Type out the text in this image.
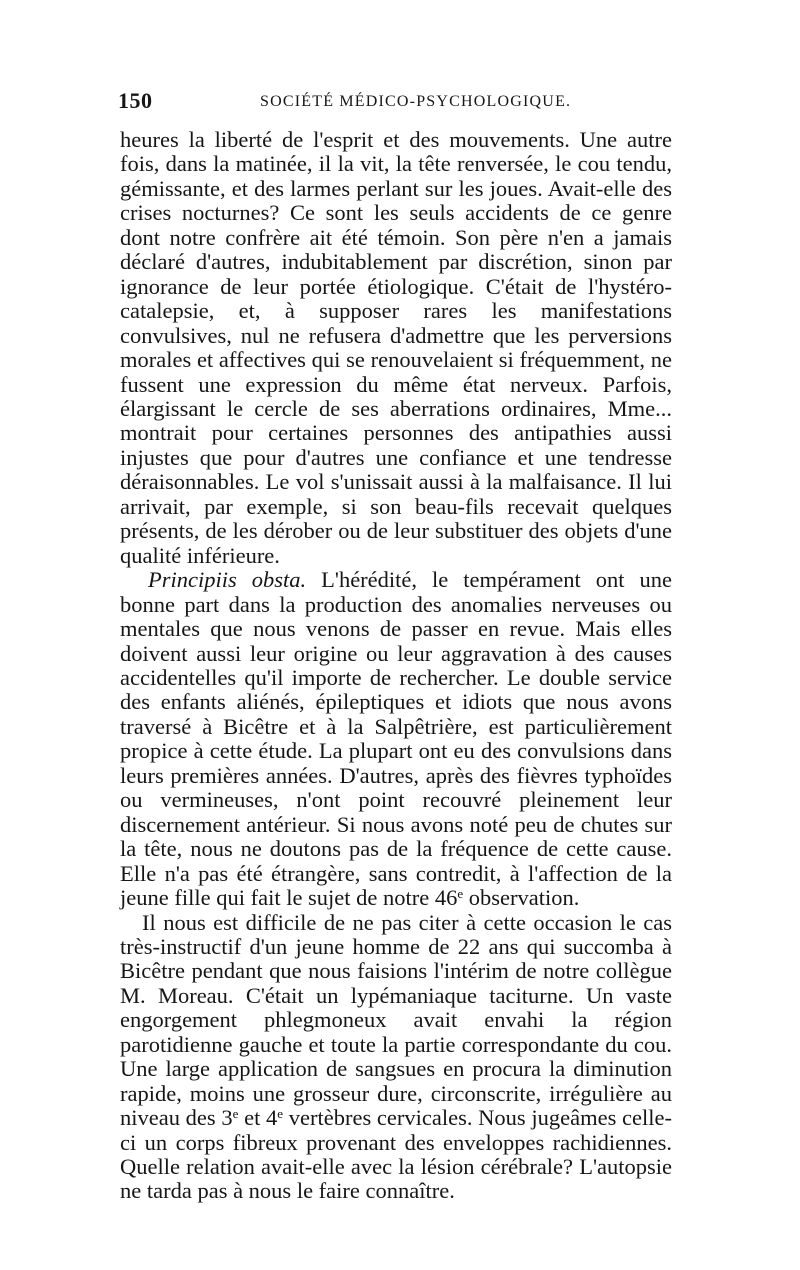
150	SOCIÉTÉ MÉDICO-PSYCHOLOGIQUE.

heures la liberté de l'esprit et des mouvements. Une autre fois, dans la matinée, il la vit, la tête renversée, le cou tendu, gémissante, et des larmes perlant sur les joues. Avait-elle des crises nocturnes? Ce sont les seuls accidents de ce genre dont notre confrère ait été témoin. Son père n'en a jamais déclaré d'autres, indubitablement par discrétion, sinon par ignorance de leur portée étiologique. C'était de l'hystéro-catalepsie, et, à supposer rares les manifestations convulsives, nul ne refusera d'admettre que les perversions morales et affectives qui se renouvelaient si fréquemment, ne fussent une expression du même état nerveux. Parfois, élargissant le cercle de ses aberrations ordinaires, Mme... montrait pour certaines personnes des antipathies aussi injustes que pour d'autres une confiance et une tendresse déraisonnables. Le vol s'unissait aussi à la malfaisance. Il lui arrivait, par exemple, si son beau-fils recevait quelques présents, de les dérober ou de leur substituer des objets d'une qualité inférieure.

Principiis obsta. L'hérédité, le tempérament ont une bonne part dans la production des anomalies nerveuses ou mentales que nous venons de passer en revue. Mais elles doivent aussi leur origine ou leur aggravation à des causes accidentelles qu'il importe de rechercher. Le double service des enfants aliénés, épileptiques et idiots que nous avons traversé à Bicêtre et à la Salpêtrière, est particulièrement propice à cette étude. La plupart ont eu des convulsions dans leurs premières années. D'autres, après des fièvres typhoïdes ou vermineuses, n'ont point recouvré pleinement leur discernement antérieur. Si nous avons noté peu de chutes sur la tête, nous ne doutons pas de la fréquence de cette cause. Elle n'a pas été étrangère, sans contredit, à l'affection de la jeune fille qui fait le sujet de notre 46e observation.

Il nous est difficile de ne pas citer à cette occasion le cas très-instructif d'un jeune homme de 22 ans qui succomba à Bicêtre pendant que nous faisions l'intérim de notre collègue M. Moreau. C'était un lypémaniaque taciturne. Un vaste engorgement phlegmoneux avait envahi la région parotidienne gauche et toute la partie correspondante du cou. Une large application de sangsues en procura la diminution rapide, moins une grosseur dure, circonscrite, irrégulière au niveau des 3e et 4e vertèbres cervicales. Nous jugeâmes celle-ci un corps fibreux provenant des enveloppes rachidiennes. Quelle relation avait-elle avec la lésion cérébrale? L'autopsie ne tarda pas à nous le faire connaître.
